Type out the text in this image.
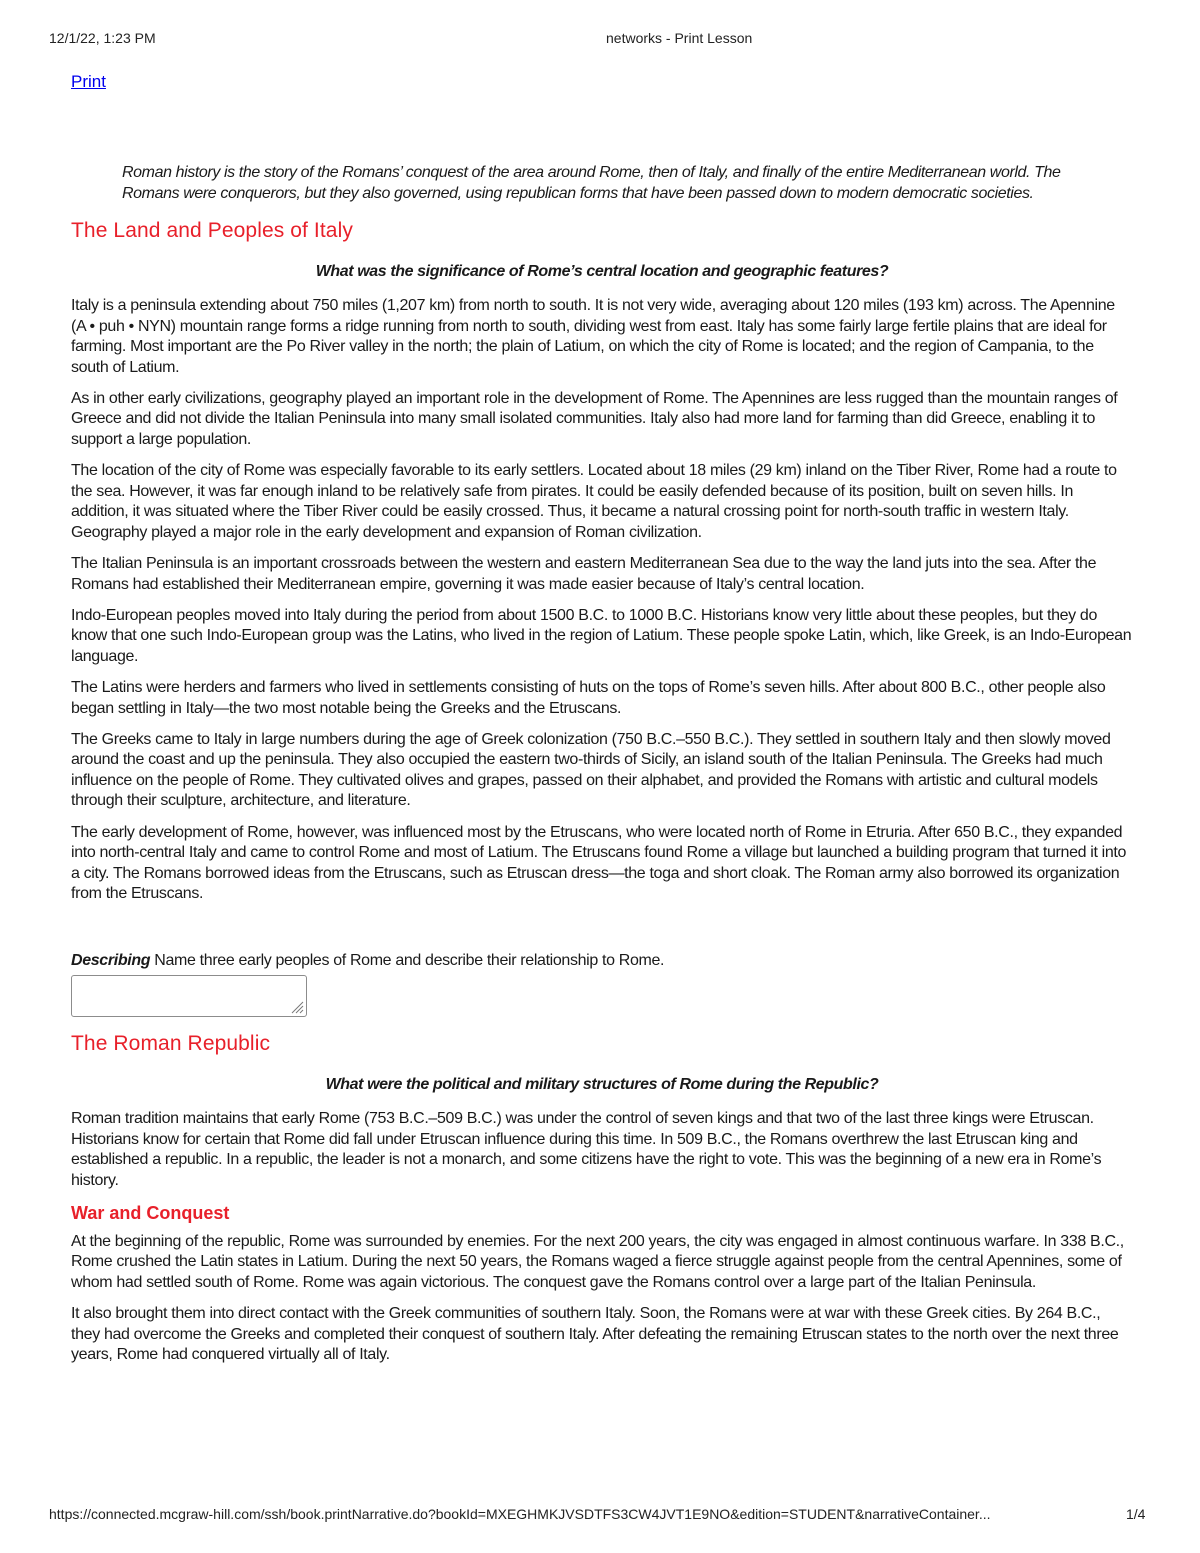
12/1/22, 1:23 PM	networks - Print Lesson
Print

Roman history is the story of the Romans’ conquest of the area around Rome, then of Italy, and finally of the entire Mediterranean world. The Romans were conquerors, but they also governed, using republican forms that have been passed down to modern democratic societies.

The Land and Peoples of Italy
What was the significance of Rome’s central location and geographic features?

Italy is a peninsula extending about 750 miles (1,207 km) from north to south. It is not very wide, averaging about 120 miles (193 km) across. The Apennine (A • puh • NYN) mountain range forms a ridge running from north to south, dividing west from east. Italy has some fairly large fertile plains that are ideal for farming. Most important are the Po River valley in the north; the plain of Latium, on which the city of Rome is located; and the region of Campania, to the south of Latium.

As in other early civilizations, geography played an important role in the development of Rome. The Apennines are less rugged than the mountain ranges of Greece and did not divide the Italian Peninsula into many small isolated communities. Italy also had more land for farming than did Greece, enabling it to support a large population.

The location of the city of Rome was especially favorable to its early settlers. Located about 18 miles (29 km) inland on the Tiber River, Rome had a route to the sea. However, it was far enough inland to be relatively safe from pirates. It could be easily defended because of its position, built on seven hills. In addition, it was situated where the Tiber River could be easily crossed. Thus, it became a natural crossing point for north-south traffic in western Italy. Geography played a major role in the early development and expansion of Roman civilization.

The Italian Peninsula is an important crossroads between the western and eastern Mediterranean Sea due to the way the land juts into the sea. After the Romans had established their Mediterranean empire, governing it was made easier because of Italy’s central location.

Indo-European peoples moved into Italy during the period from about 1500 B.C. to 1000 B.C. Historians know very little about these peoples, but they do know that one such Indo-European group was the Latins, who lived in the region of Latium. These people spoke Latin, which, like Greek, is an Indo-European language.

The Latins were herders and farmers who lived in settlements consisting of huts on the tops of Rome’s seven hills. After about 800 B.C., other people also began settling in Italy—the two most notable being the Greeks and the Etruscans.

The Greeks came to Italy in large numbers during the age of Greek colonization (750 B.C.–550 B.C.). They settled in southern Italy and then slowly moved around the coast and up the peninsula. They also occupied the eastern two-thirds of Sicily, an island south of the Italian Peninsula. The Greeks had much influence on the people of Rome. They cultivated olives and grapes, passed on their alphabet, and provided the Romans with artistic and cultural models through their sculpture, architecture, and literature.

The early development of Rome, however, was influenced most by the Etruscans, who were located north of Rome in Etruria. After 650 B.C., they expanded into north-central Italy and came to control Rome and most of Latium. The Etruscans found Rome a village but launched a building program that turned it into a city. The Romans borrowed ideas from the Etruscans, such as Etruscan dress—the toga and short cloak. The Roman army also borrowed its organization from the Etruscans.

Describing Name three early peoples of Rome and describe their relationship to Rome.
The Roman Republic
What were the political and military structures of Rome during the Republic?

Roman tradition maintains that early Rome (753 B.C.–509 B.C.) was under the control of seven kings and that two of the last three kings were Etruscan. Historians know for certain that Rome did fall under Etruscan influence during this time. In 509 B.C., the Romans overthrew the last Etruscan king and established a republic. In a republic, the leader is not a monarch, and some citizens have the right to vote. This was the beginning of a new era in Rome’s history.

War and Conquest

At the beginning of the republic, Rome was surrounded by enemies. For the next 200 years, the city was engaged in almost continuous warfare. In 338 B.C., Rome crushed the Latin states in Latium. During the next 50 years, the Romans waged a fierce struggle against people from the central Apennines, some of whom had settled south of Rome. Rome was again victorious. The conquest gave the Romans control over a large part of the Italian Peninsula.

It also brought them into direct contact with the Greek communities of southern Italy. Soon, the Romans were at war with these Greek cities. By 264 B.C., they had overcome the Greeks and completed their conquest of southern Italy. After defeating the remaining Etruscan states to the north over the next three years, Rome had conquered virtually all of Italy.

https://connected.mcgraw-hill.com/ssh/book.printNarrative.do?bookId=MXEGHMKJVSDTFS3CW4JVT1E9NO&edition=STUDENT&narrativeContainer...	1/4
